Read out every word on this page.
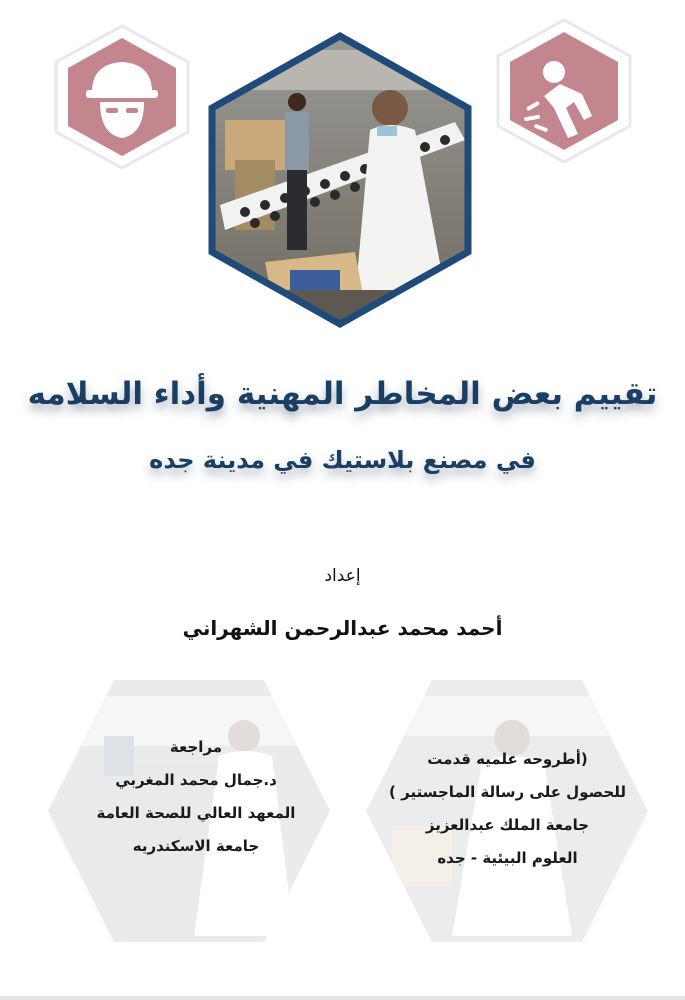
تقييم بعض المخاطر المهنية وأداء السلامه
في مصنع بلاستيك في مدينة جده
إعداد
أحمد محمد عبدالرحمن الشهراني
مراجعة
د.جمال محمد المغربي
المعهد العالي للصحة العامة
جامعة الاسكندريه
(أطروحه علميه قدمت
للحصول على رسالة الماجستير )
جامعة الملك عبدالعزيز
العلوم البيئية - جده
